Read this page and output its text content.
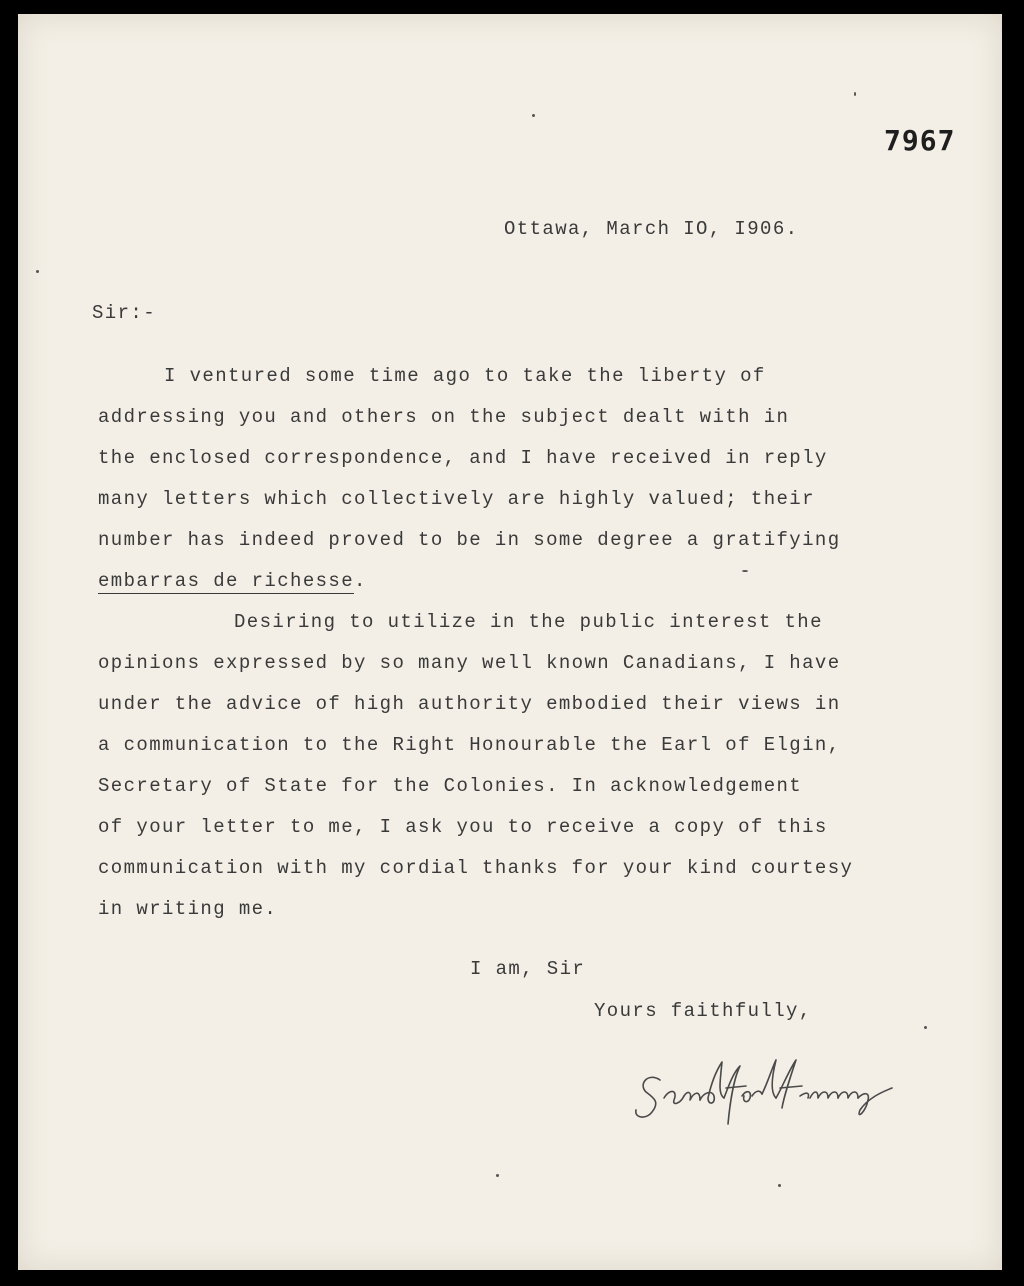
7967

Ottawa, March IO, I906.

Sir:-

I ventured some time ago to take the liberty of

addressing you and others on the subject dealt with in

the enclosed correspondence, and I have received in reply

many letters which collectively are highly valued; their

number has indeed proved to be in some degree a gratifying

embarras de richesse.

Desiring to utilize in the public interest the

opinions expressed by so many well known Canadians, I have

under the advice of high authority embodied their views in

a communication to the Right Honourable the Earl of Elgin,

Secretary of State for the Colonies. In acknowledgement

of your letter to me, I ask you to receive a copy of this

communication with my cordial thanks for your kind courtesy

in writing me.

I am, Sir

Yours faithfully,
